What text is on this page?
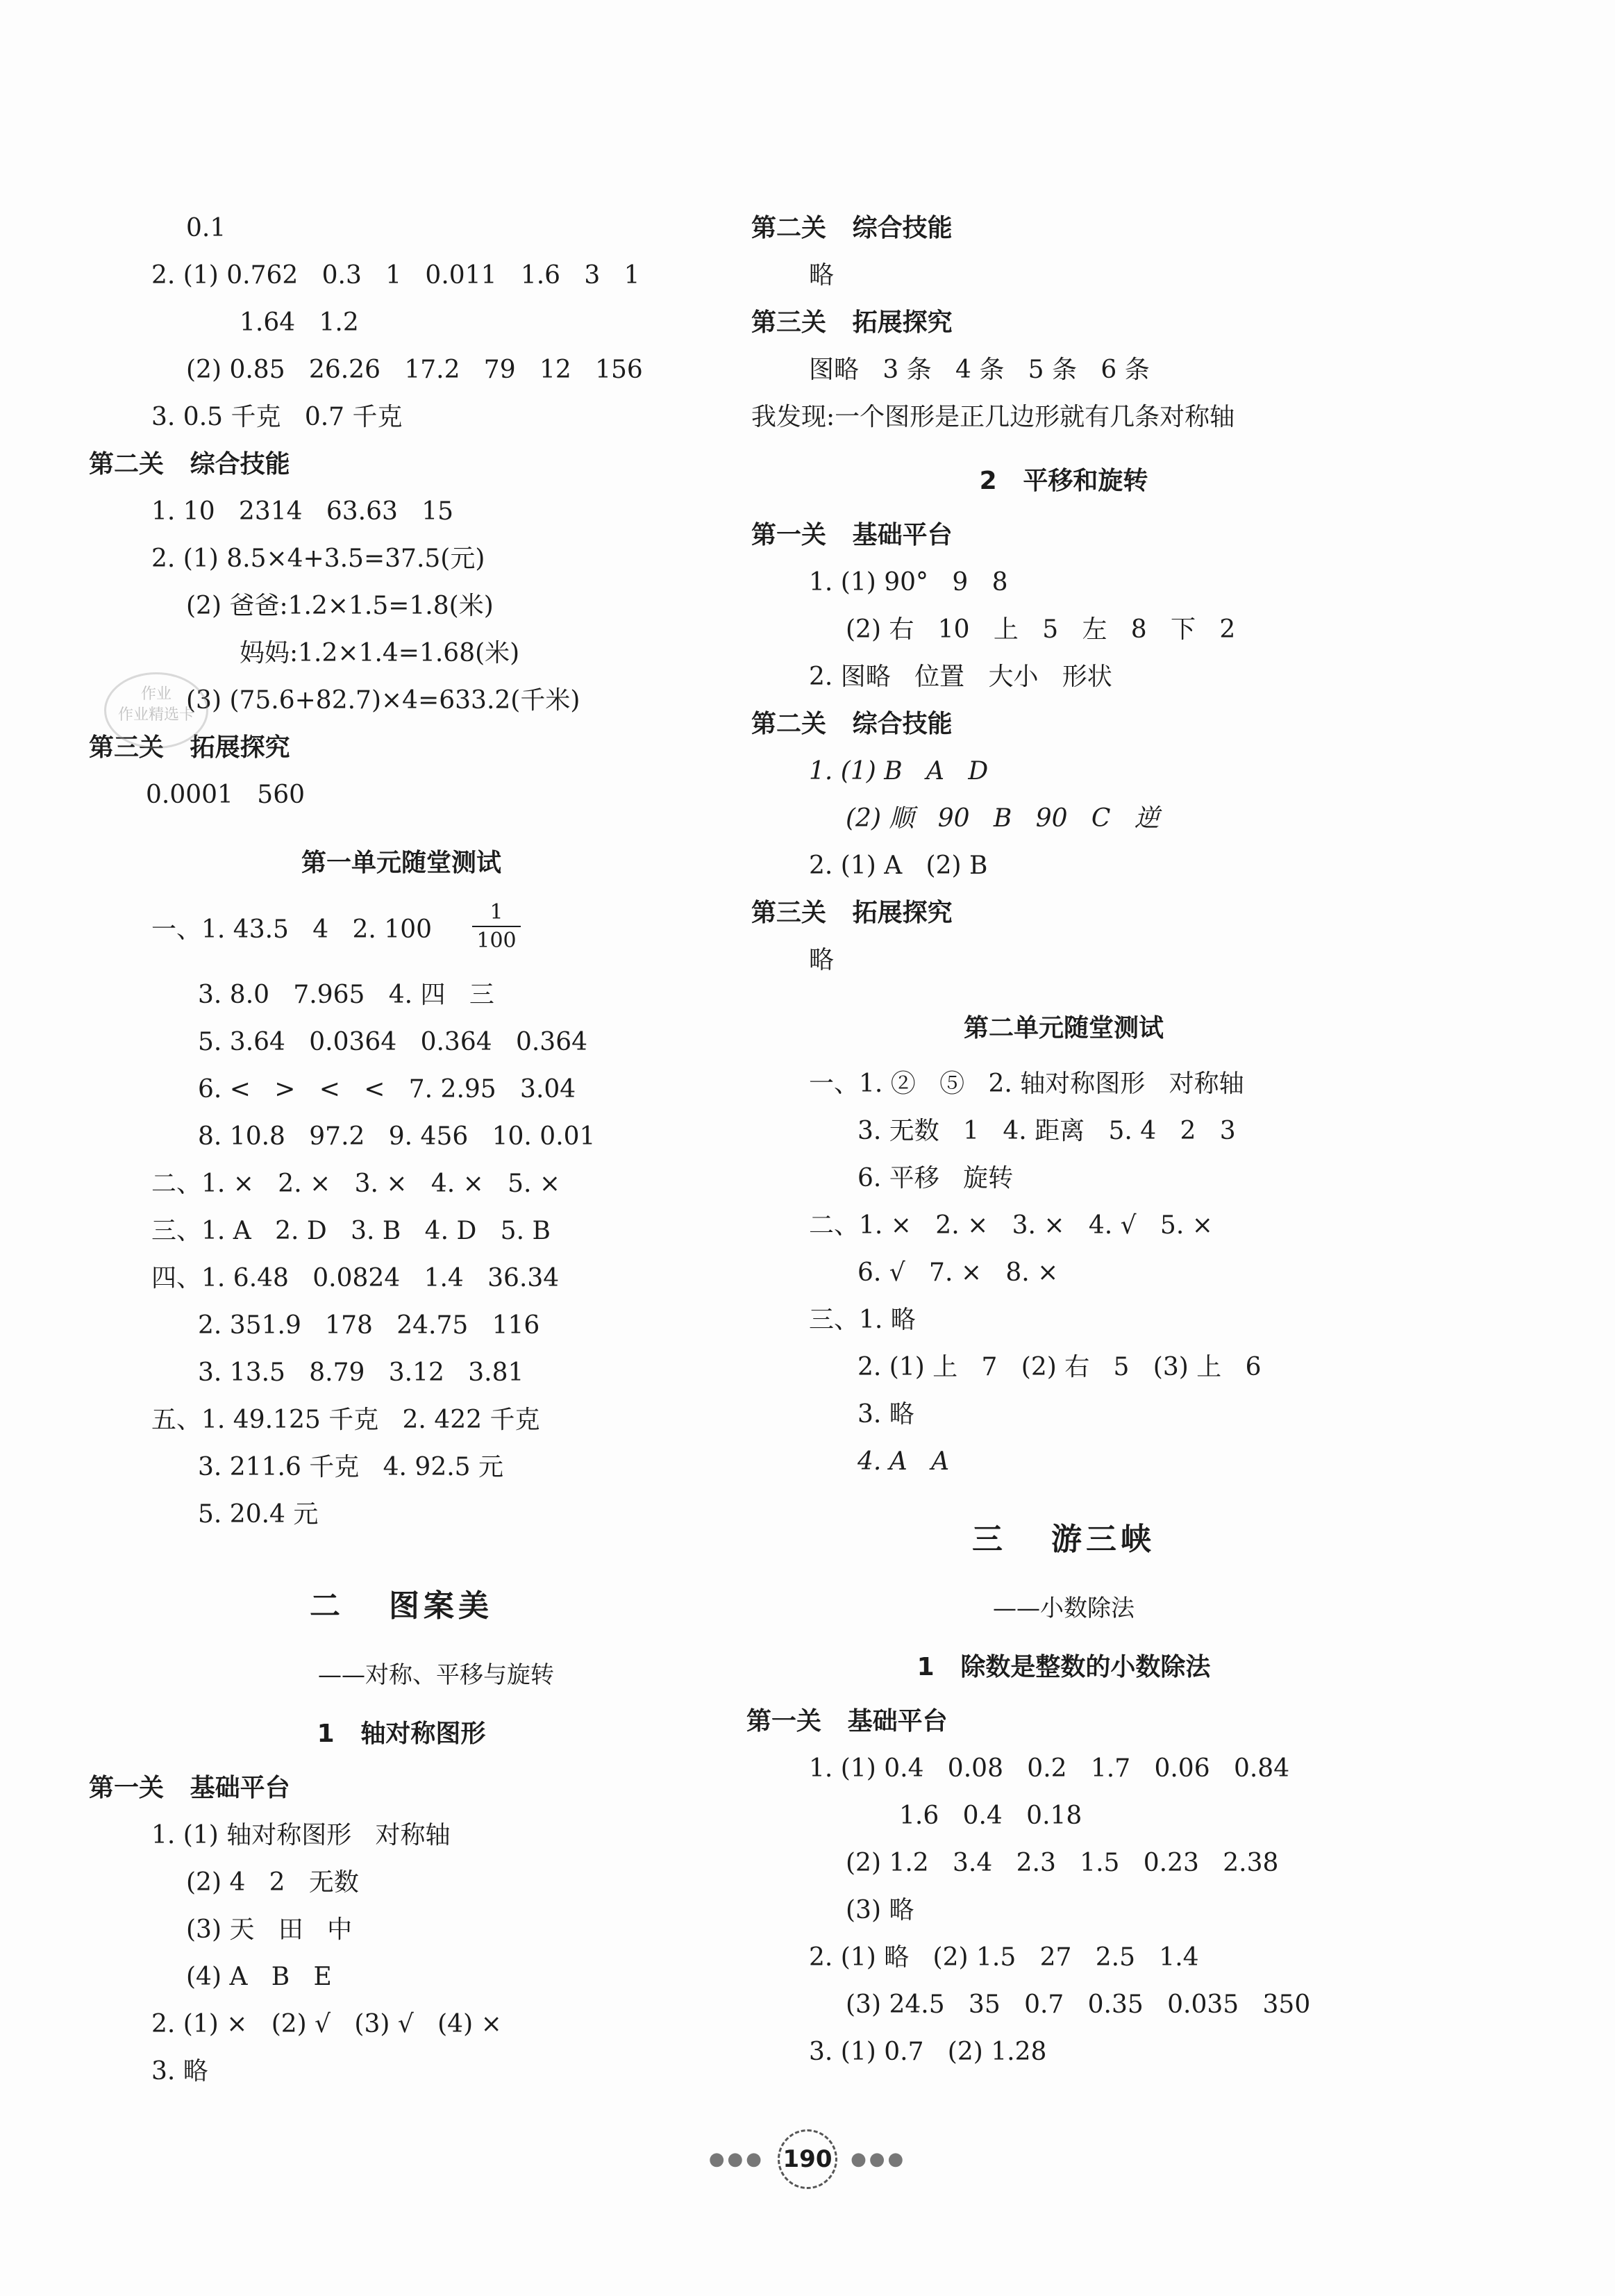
0.1
2. (1) 0.762   0.3   1   0.011   1.6   3   1
1.64   1.2
(2) 0.85   26.26   17.2   79   12   156
3. 0.5 千克   0.7 千克
第二关   综合技能
1. 10   2314   63.63   15
2. (1) 8.5×4+3.5=37.5(元)
(2) 爸爸:1.2×1.5=1.8(米)
妈妈:1.2×1.4=1.68(米)
(3) (75.6+82.7)×4=633.2(千米)
第三关   拓展探究
0.0001   560
第一单元随堂测试
一、1. 43.5   4   2. 100
1
100
3. 8.0   7.965   4. 四   三
5. 3.64   0.0364   0.364   0.364
6. <   >   <   <   7. 2.95   3.04
8. 10.8   97.2   9. 456   10. 0.01
二、1. ×   2. ×   3. ×   4. ×   5. ×
三、1. A   2. D   3. B   4. D   5. B
四、1. 6.48   0.0824   1.4   36.34
2. 351.9   178   24.75   116
3. 13.5   8.79   3.12   3.81
五、1. 49.125 千克   2. 422 千克
3. 211.6 千克   4. 92.5 元
5. 20.4 元
二   图案美
——对称、平移与旋转
1   轴对称图形
第一关   基础平台
1. (1) 轴对称图形   对称轴
(2) 4   2   无数
(3) 天   田   中
(4) A   B   E
2. (1) ×   (2) √   (3) √   (4) ×
3. 略
作业
作业精选卡
第二关   综合技能
略
第三关   拓展探究
图略   3 条   4 条   5 条   6 条
我发现:一个图形是正几边形就有几条对称轴
2   平移和旋转
第一关   基础平台
1. (1) 90°   9   8
(2) 右   10   上   5   左   8   下   2
2. 图略   位置   大小   形状
第二关   综合技能
1. (1) B   A   D
(2) 顺   90   B   90   C   逆
2. (1) A   (2) B
第三关   拓展探究
略
第二单元随堂测试
一、1. ②   ⑤   2. 轴对称图形   对称轴
3. 无数   1   4. 距离   5. 4   2   3
6. 平移   旋转
二、1. ×   2. ×   3. ×   4. √   5. ×
6. √   7. ×   8. ×
三、1. 略
2. (1) 上   7   (2) 右   5   (3) 上   6
3. 略
4. A   A
三   游三峡
——小数除法
1   除数是整数的小数除法
第一关   基础平台
1. (1) 0.4   0.08   0.2   1.7   0.06   0.84
1.6   0.4   0.18
(2) 1.2   3.4   2.3   1.5   0.23   2.38
(3) 略
2. (1) 略   (2) 1.5   27   2.5   1.4
(3) 24.5   35   0.7   0.35   0.035   350
3. (1) 0.7   (2) 1.28
●●● 190 ●●●
